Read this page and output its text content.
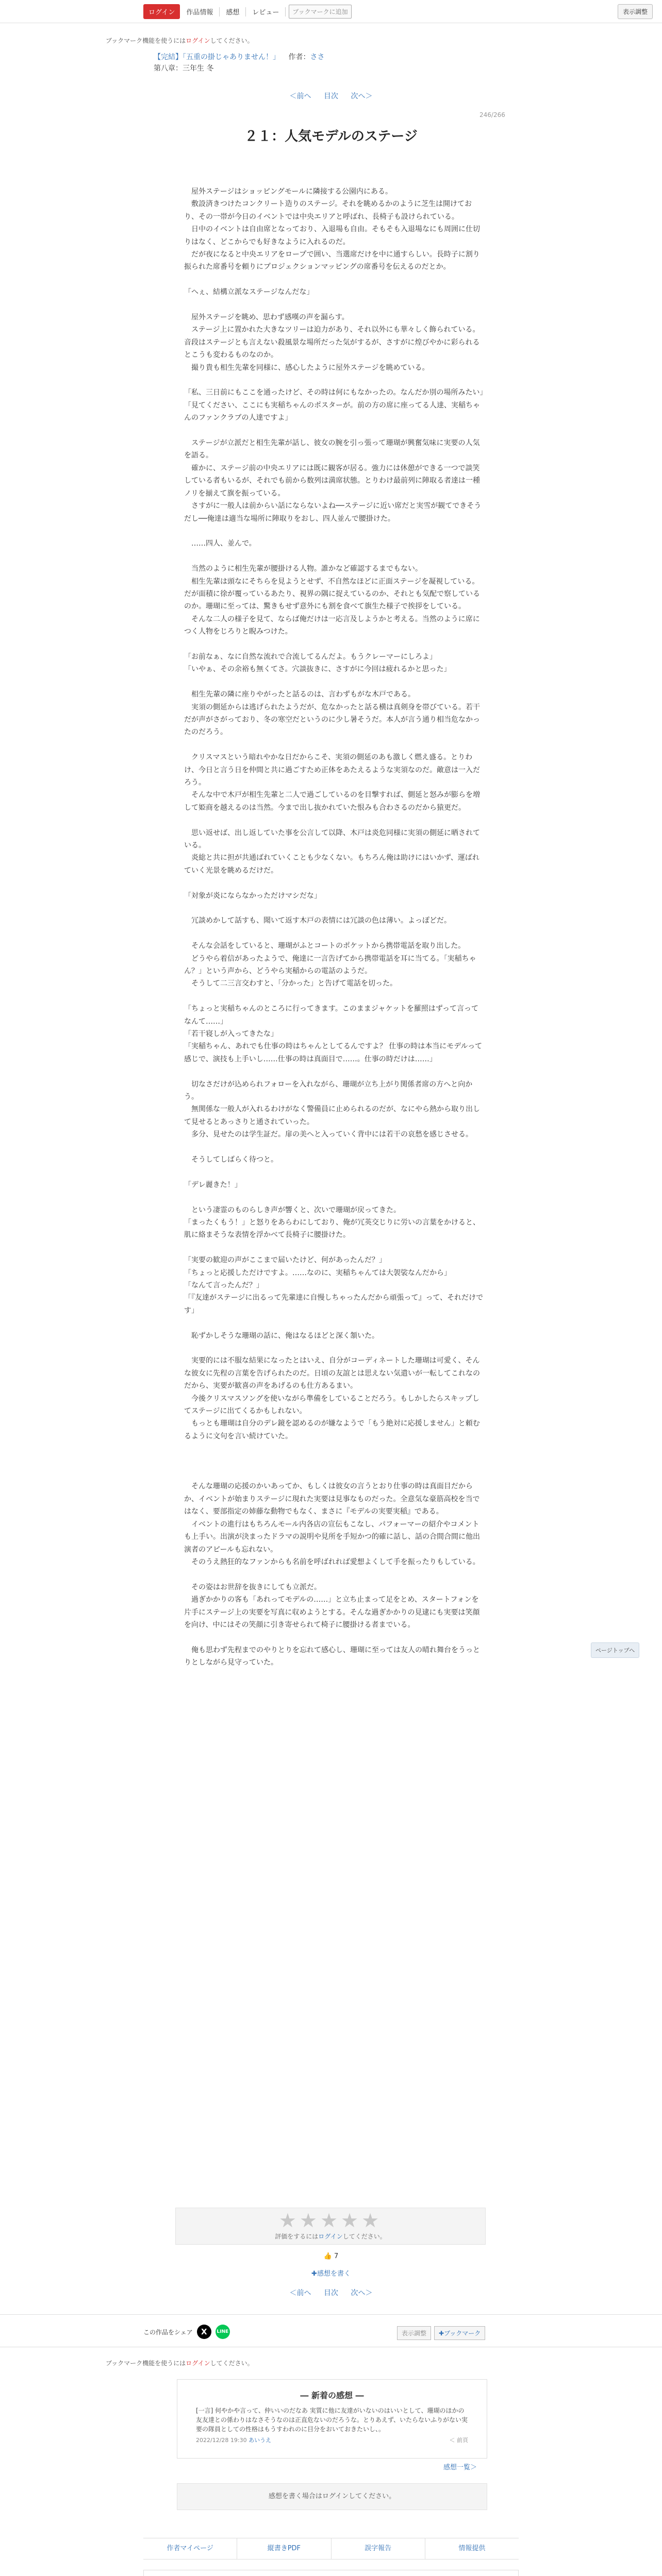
ログイン	作品情報	感想	レビュー	ブックマークに追加	表示調整
ブックマーク機能を使うにはログインしてください。
【完結】「五重の掛じゃありません！」 作者：ささ
第八章：三年生 冬
＜前へ 目次 次へ＞
246/266
２１：人気モデルのステージ

　屋外ステージはショッピングモールに隣接する公園内にある。

　敷設済きつけたコンクリート造りのステージ。それを眺めるかのように芝生は開けており、その一帯が今日のイベントでは中央エリアと呼ばれ、長椅子も設けられている。

　日中のイベントは自由席となっており、入退場も自由。そもそも入退場なにも周囲に仕切りはなく、どこからでも好きなように入れるのだ。

　だが夜になると中央エリアをロープで囲い、当選席だけを中に通すらしい。長時子に割り振られた席番号を頼りにプロジェクションマッピングの席番号を伝えるのだとか。

「へぇ、結構立派なステージなんだな」

　屋外ステージを眺め、思わず感嘆の声を漏らす。

　ステージ上に置かれた大きなツリーは迫力があり、それ以外にも華々しく飾られている。音段はステージとも言えない殺風景な場所だった気がするが、さすがに煌びやかに彩られるとこうも変わるものなのか。

　撮り貴も相生先輩を同様に、感心したように屋外ステージを眺めている。

「私、三日前にもここを通ったけど、その時は何にもなかったの。なんだか別の場所みたい」

「見てください、ここにも実稲ちゃんのポスターが。前の方の席に座ってる人達、実稲ちゃんのファンクラブの人達ですよ」

　ステージが立派だと相生先輩が話し、彼女の腕を引っ張って珊瑚が興奮気味に実要の人気を語る。

　確かに、ステージ前の中央エリアには既に観客が居る。強力には休憩ができる一つで談笑している者もいるが、それでも前から数列は満席状態。とりわけ最前列に陣取る者達は一種ノリを揃えて旗を振っている。

　さすがに一般人は前からい話にならないよね──ステージに近い席だと実雪が観てできそうだし──俺達は適当な場所に陣取りをおし、四人並んで腰掛けた。

　……四人、並んで。

　当然のように相生先輩が腰掛ける人物。誰かなど確認するまでもない。

　相生先輩は頭なにそちらを見ようとせず、不自然なほどに正面ステージを凝視している。だが面積に徐が覆っているあたり、視界の隅に捉えているのか、それとも気配で察しているのか。珊瑚に至っては、驚きもせず意外にも割を食べて旗生た様子で挨拶をしている。

　そんな二人の様子を見て、ならば俺だけは一応言及しようかと考える。当然のように席につく人物をじろりと睨みつけた。

「お前なぁ、なに自然な流れで合流してるんだよ。もうクレーマーにしろよ」

「いやぁ、その余裕も無くてさ。穴談抜きに、さすがに今回は疲れるかと思った」

　相生先輩の隣に座りやがったと話るのは、言わずもがな木戸である。

　実須の側延からは逃げられたようだが、危なかったと話る横は真剣身を帯びている。若干だが声がさがっており、冬の寒空だというのに少し暑そうだ。本人が言う通り相当危なかったのだろう。

　クリスマスという暗れやかな日だからこそ、実須の側延のあも激しく燃え盛る。とりわけ、今日と言う日を仲間と共に過ごすため正体をあたえるような実須なのだ。敵意は一入だろう。

　そんな中で木戸が相生先輩と二人で過ごしているのを目撃すれば、側延と怒みが膨らを増して姫商を越えるのは当然。今まで出し抜かれていた恨みも合わさるのだから猿更だ。

　思い返せば、出し返していた事を公言して以降、木戸は炎危同様に実須の側延に晒されている。

　炎総と共に担が共通ばれていくことも少なくない。もちろん俺は助けにはいかず、運ばれていく光景を眺めるだけだ。

「対象が炎にならなかっただけマシだな」

　冗談めかして話すも、聞いて返す木戸の表情には冗談の色は薄い。よっぽどだ。

　そんな会話をしていると、珊瑚がふとコートのポケットから携帯電話を取り出した。

　どうやら着信があったようで、俺達に一言告げてから携帯電話を耳に当てる。「実稲ちゃん？」という声から、どうやら実稲からの電話のようだ。

　そうして二三言交わすと、「分かった」と告げて電話を切った。

「ちょっと実稲ちゃんのところに行ってきます。このままジャケットを羅照はずって言ってなんて……」

「若干寝しが入ってきたな」

「実稲ちゃん、あれでも仕事の時はちゃんとしてるんですよ？ 仕事の時は本当にモデルって感じで、演技も上手いし……仕事の時は真面目で……。仕事の時だけは……」

　切なさだけが込められフォローを入れながら、珊瑚が立ち上がり関係者席の方へと向かう。

　無関係な一般人が入れるわけがなく警備員に止められるのだが、なにやら熱から取り出して見せるとあっさりと通されていった。

　多分、見せたのは学生証だ。扉の美へと入っていく背中には若干の哀愁を感じさせる。

　そうしてしばらく待つと。

「デレ麗きた！」

　という凄霊のものらしき声が響くと、次いで珊瑚が戻ってきた。

「まったくもう！」と怒りをあらわにしており、俺が冗英交じりに労いの言葉をかけると、肌に絡まそうな表情を浮かべて長椅子に腰掛けた。

「実要の歓迎の声がここまで届いたけど、何があったんだ？」

「ちょっと応援しただけですよ。……なのに、実稲ちゃんては大袈裟なんだから」

「なんて言ったんだ？」

「『友達がステージに出るって先輩達に自慢しちゃったんだから頑張って』って、それだけです」

　恥ずかしそうな珊瑚の話に、俺はなるほどと深く頷いた。

　実要的には不服な結果になったとはいえ、自分がコーディネートした珊瑚は可愛く、そんな彼女に先程の言葉を告げられたのだ。日頃の友誼とは思えない気遣いが一転してこれなのだから、実要が歓喜の声をあげるのも仕方あるまい。

　今後クリスマスソングを使いながら準備をしていることだろう。もしかしたらスキップしてステージに出てくるかもしれない。

　もっとも珊瑚は自分のデレ鏡を認めるのが嫌なようで「もう絶対に応援しません」と頼むるように文句を言い続けていた。

　そんな珊瑚の応援のかいあってか、もしくは彼女の言うとおり仕事の時は真面目だからか、イベントが始まりステージに現れた実要は見事なものだった。全意気な豪筋高校を当ではなく、要部指定の姉藤な動物でもなく、まさに『モデルの実要実稲』である。

　イベントの進行はもちろんモール内各店の宣伝もこなし、パフォーマーの紹介やコメントも上手い。出演が決まったドラマの説明や見所を手短かつ的確に話し、話の合間合間に他出演者のアピールも忘れない。

　そのうえ熱狂的なファンからも名前を呼ばれれば愛想よくして手を振ったりもしている。

　その姿はお世辞を抜きにしても立派だ。

　過ぎかかりの客も「あれってモデルの……」と立ち止まって足をとめ、スタートフォンを片手にステージ上の実要を写真に収めようとする。そんな過ぎかかりの見逮にも実要は笑顔を向け、中にはその笑顔に引き寄せられて椅子に腰掛ける者までいる。

　俺も思わず先程までのやりとりを忘れて感心し、珊瑚に至っては友人の晴れ舞台をうっとりとしながら見守っていた。

ページトップへ
★★★★★
評価をするにはログインしてください。
👍 7
✚感想を書く
＜前へ 目次 次へ＞
この作品をシェア	X	LINE	表示調整	✚ブックマーク
ブックマーク機能を使うにはログインしてください。
― 新着の感想 ―
[一言] 何やかや言って、仲いいのだなあ 実質に他に友達がいないのはいいとして、珊瑚のほかの友友達との係わりはなさそうなのは正直危ないのだろうな。とりあえず、いたらないふりがない実要の隊員としての性格はもうすわれのに目分をおいておきたいし、。
2022/12/28 19:30 あいうえ	＜ 前頁
感想一覧＞
感想を書く場合はログインしてください。
作者マイページ	縦書きPDF	誤字報告	情報提供
